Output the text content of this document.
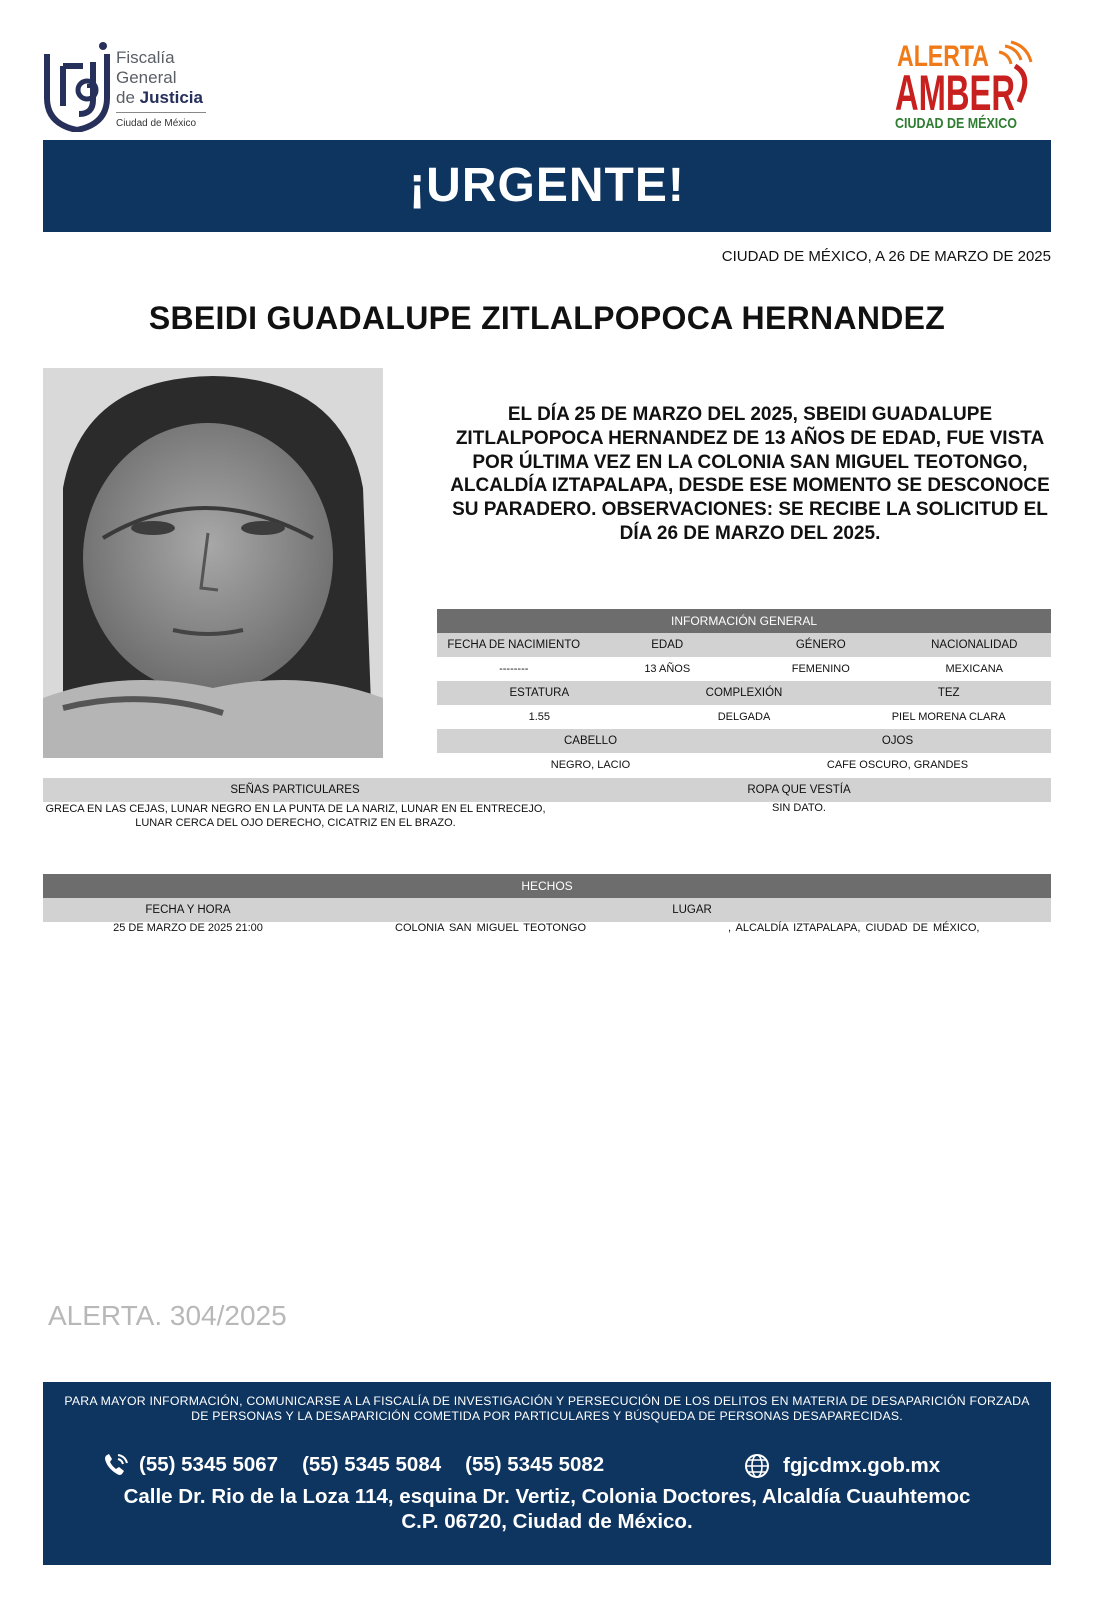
Fiscalía
General
de Justicia
Ciudad de México
ALERTA
AMBER
CIUDAD DE MÉXICO
¡URGENTE!
CIUDAD DE MÉXICO, A 26 DE MARZO DE 2025
SBEIDI GUADALUPE ZITLALPOPOCA HERNANDEZ
EL DÍA 25 DE MARZO DEL 2025, SBEIDI GUADALUPE ZITLALPOPOCA HERNANDEZ DE 13 AÑOS DE EDAD, FUE VISTA POR ÚLTIMA VEZ EN LA COLONIA SAN MIGUEL TEOTONGO, ALCALDÍA IZTAPALAPA, DESDE ESE MOMENTO SE DESCONOCE SU PARADERO. OBSERVACIONES: SE RECIBE LA SOLICITUD EL DÍA 26 DE MARZO DEL 2025.
INFORMACIÓN GENERAL
FECHA DE NACIMIENTO	EDAD	GÉNERO	NACIONALIDAD
--------	13 AÑOS	FEMENINO	MEXICANA
ESTATURA	COMPLEXIÓN	TEZ
1.55	DELGADA	PIEL MORENA CLARA
CABELLO	OJOS
NEGRO, LACIO	CAFE OSCURO, GRANDES
SEÑAS PARTICULARES	ROPA QUE VESTÍA
GRECA EN LAS CEJAS, LUNAR NEGRO EN LA PUNTA DE LA NARIZ, LUNAR EN EL ENTRECEJO, LUNAR CERCA DEL OJO DERECHO, CICATRIZ EN EL BRAZO.
SIN DATO.
HECHOS
FECHA Y HORA	LUGAR
25 DE MARZO DE 2025 21:00	COLONIA SAN MIGUEL TEOTONGO	, ALCALDÍA IZTAPALAPA, CIUDAD DE MÉXICO,
ALERTA. 304/2025
PARA MAYOR INFORMACIÓN, COMUNICARSE A LA FISCALÍA DE INVESTIGACIÓN Y PERSECUCIÓN DE LOS DELITOS EN MATERIA DE DESAPARICIÓN FORZADA DE PERSONAS Y LA DESAPARICIÓN COMETIDA POR PARTICULARES Y BÚSQUEDA DE PERSONAS DESAPARECIDAS.
(55) 5345 5067 (55) 5345 5084 (55) 5345 5082	fgjcdmx.gob.mx
Calle Dr. Rio de la Loza 114, esquina Dr. Vertiz, Colonia Doctores, Alcaldía Cuauhtemoc
C.P. 06720, Ciudad de México.
